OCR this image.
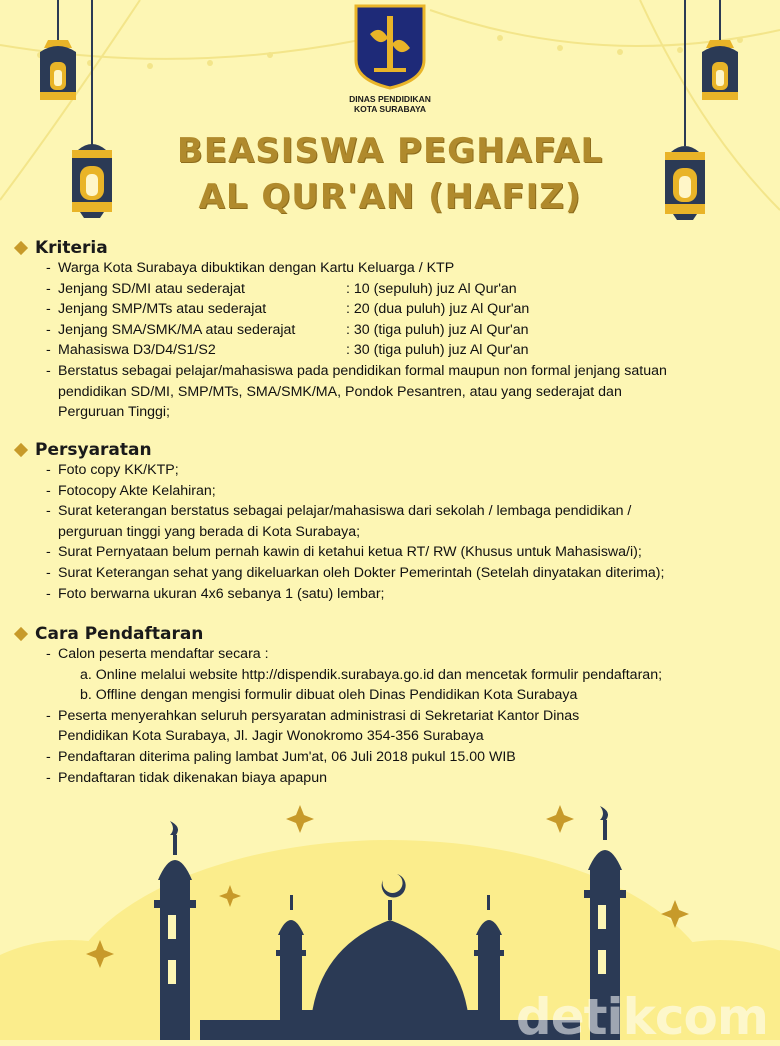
DINAS PENDIDIKAN
KOTA SURABAYA
BEASISWA PEGHAFAL
AL QUR'AN (HAFIZ)
Kriteria
- Warga Kota Surabaya dibuktikan dengan Kartu Keluarga / KTP
- Jenjang SD/MI atau sederajat	: 10 (sepuluh) juz Al Qur'an
- Jenjang SMP/MTs atau sederajat	: 20 (dua puluh) juz Al Qur'an
- Jenjang SMA/SMK/MA atau sederajat	: 30 (tiga puluh) juz Al Qur'an
- Mahasiswa D3/D4/S1/S2	: 30 (tiga puluh) juz Al Qur'an
- Berstatus sebagai pelajar/mahasiswa pada pendidikan formal maupun non formal jenjang satuan
pendidikan SD/MI, SMP/MTs, SMA/SMK/MA, Pondok Pesantren, atau yang sederajat dan
Perguruan Tinggi;
Persyaratan
- Foto copy KK/KTP;
- Fotocopy Akte Kelahiran;
- Surat keterangan berstatus sebagai pelajar/mahasiswa dari sekolah / lembaga pendidikan /
perguruan tinggi yang berada di Kota Surabaya;
- Surat Pernyataan belum pernah kawin di ketahui ketua RT/ RW (Khusus untuk Mahasiswa/i);
- Surat Keterangan sehat yang dikeluarkan oleh Dokter Pemerintah (Setelah dinyatakan diterima);
- Foto berwarna ukuran 4x6 sebanya 1 (satu) lembar;
Cara Pendaftaran
- Calon peserta mendaftar secara :
a. Online melalui website http://dispendik.surabaya.go.id dan mencetak formulir pendaftaran;
b. Offline dengan mengisi formulir dibuat oleh Dinas Pendidikan Kota Surabaya
- Peserta menyerahkan seluruh persyaratan administrasi di Sekretariat Kantor Dinas
Pendidikan Kota Surabaya, Jl. Jagir Wonokromo 354-356 Surabaya
- Pendaftaran diterima paling lambat Jum'at, 06 Juli 2018 pukul 15.00 WIB
- Pendaftaran tidak dikenakan biaya apapun
detikcom
